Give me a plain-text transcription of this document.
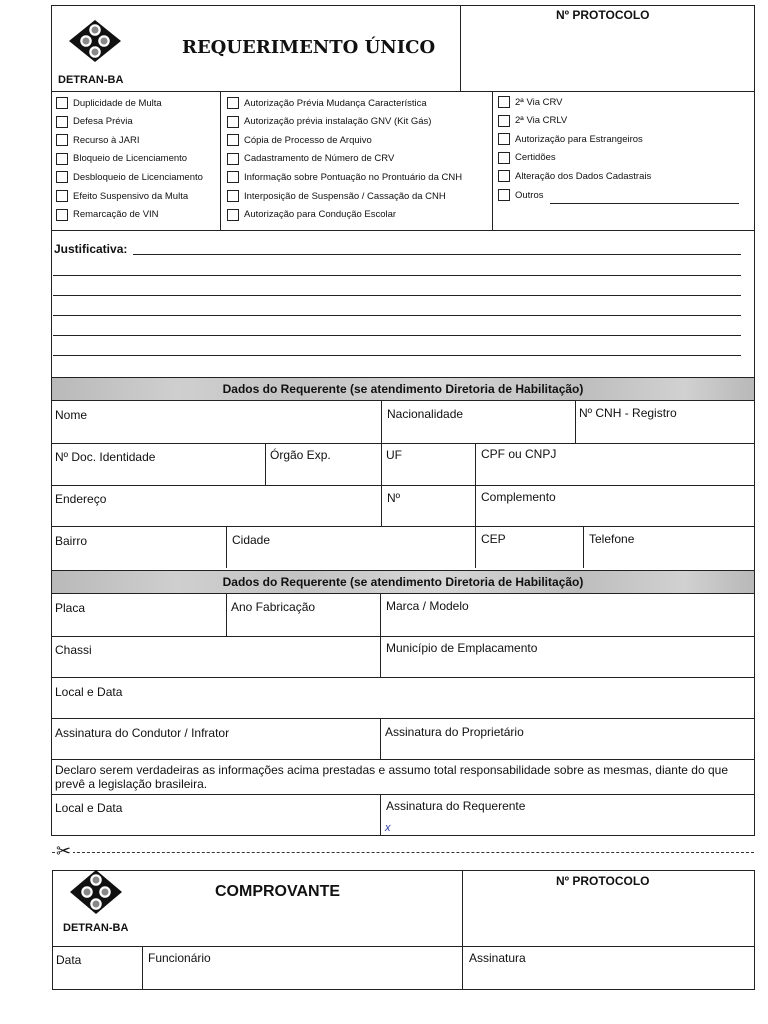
DETRAN-BA
REQUERIMENTO ÚNICO
Nº PROTOCOLO
Duplicidade de Multa
Defesa Prévia
Recurso à JARI
Bloqueio de Licenciamento
Desbloqueio de Licenciamento
Efeito Suspensivo da Multa
Remarcação de VIN
Autorização Prévia Mudança Característica
Autorização prévia instalação GNV (Kit Gás)
Cópia de Processo de Arquivo
Cadastramento de Número de CRV
Informação sobre Pontuação no Prontuário da CNH
Interposição de Suspensão / Cassação da CNH
Autorização para Condução Escolar
2ª Via CRV
2ª Via CRLV
Autorização para Estrangeiros
Certidões
Alteração dos Dados Cadastrais
Outros
Justificativa:
Dados do Requerente (se atendimento Diretoria de Habilitação)
Nome	Nacionalidade	Nº CNH - Registro
Nº Doc. Identidade	Órgão Exp.	UF	CPF ou CNPJ
Endereço	Nº	Complemento
Bairro	Cidade	CEP	Telefone
Dados do Requerente (se atendimento Diretoria de Habilitação)
Placa	Ano Fabricação	Marca / Modelo
Chassi	Município de Emplacamento
Local e Data
Assinatura do Condutor / Infrator	Assinatura do Proprietário
Declaro serem verdadeiras as informações acima prestadas e assumo total responsabilidade sobre as mesmas, diante do que prevê a legislação brasileira.
Local e Data	Assinatura do Requerente
x
✂
DETRAN-BA
COMPROVANTE
Nº PROTOCOLO
Data	Funcionário	Assinatura
